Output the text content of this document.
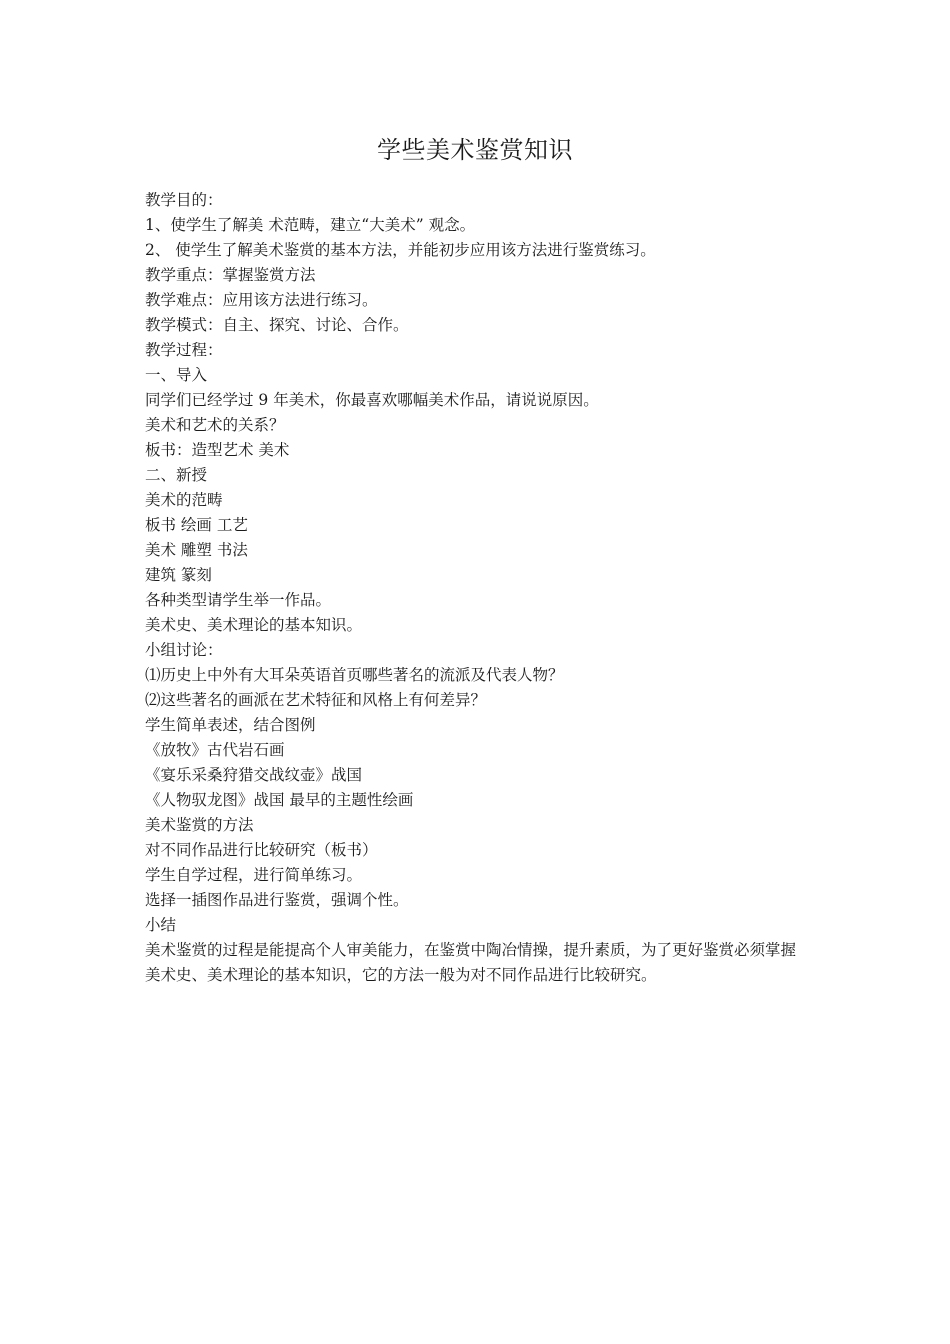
学些美术鉴赏知识
教学目的：
1、使学生了解美 术范畴，建立“大美术” 观念。
2、 使学生了解美术鉴赏的基本方法，并能初步应用该方法进行鉴赏练习。
教学重点：掌握鉴赏方法
教学难点：应用该方法进行练习。
教学模式：自主、探究、讨论、合作。
教学过程：
一、导入
同学们已经学过 9 年美术，你最喜欢哪幅美术作品，请说说原因。
美术和艺术的关系？
板书：造型艺术 美术
二、新授
美术的范畴
板书 绘画 工艺
美术 雕塑 书法
建筑 篆刻
各种类型请学生举一作品。
美术史、美术理论的基本知识。
小组讨论：
⑴历史上中外有大耳朵英语首页哪些著名的流派及代表人物？
⑵这些著名的画派在艺术特征和风格上有何差异？
学生简单表述，结合图例
《放牧》古代岩石画
《宴乐采桑狩猎交战纹壶》战国
《人物驭龙图》战国 最早的主题性绘画
美术鉴赏的方法
对不同作品进行比较研究（板书）
学生自学过程，进行简单练习。
选择一插图作品进行鉴赏，强调个性。
小结
美术鉴赏的过程是能提高个人审美能力，在鉴赏中陶冶情操，提升素质，为了更好鉴赏必须掌握美术史、美术理论的基本知识，它的方法一般为对不同作品进行比较研究。
